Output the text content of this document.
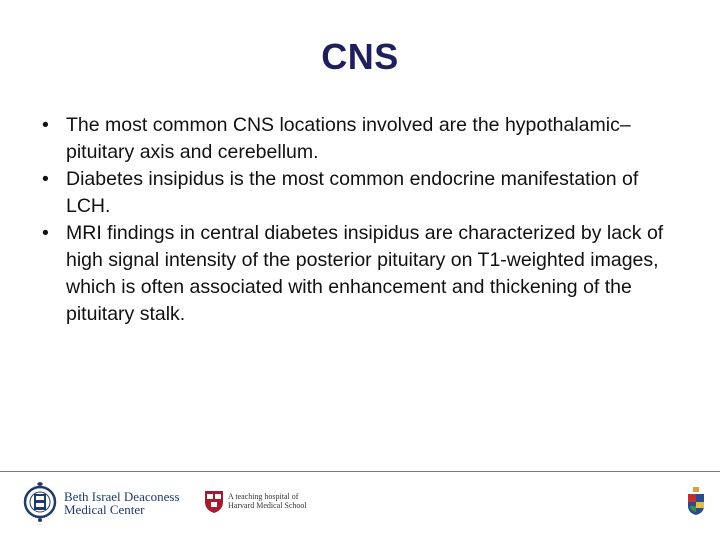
CNS
• The most common CNS locations involved are the hypothalamic–pituitary axis and cerebellum.
• Diabetes insipidus is the most common endocrine manifestation of LCH.
• MRI findings in central diabetes insipidus are characterized by lack of high signal intensity of the posterior pituitary on T1-weighted images, which is often associated with enhancement and thickening of the pituitary stalk.
Beth Israel Deaconess
Medical Center
A teaching hospital of
Harvard Medical School
